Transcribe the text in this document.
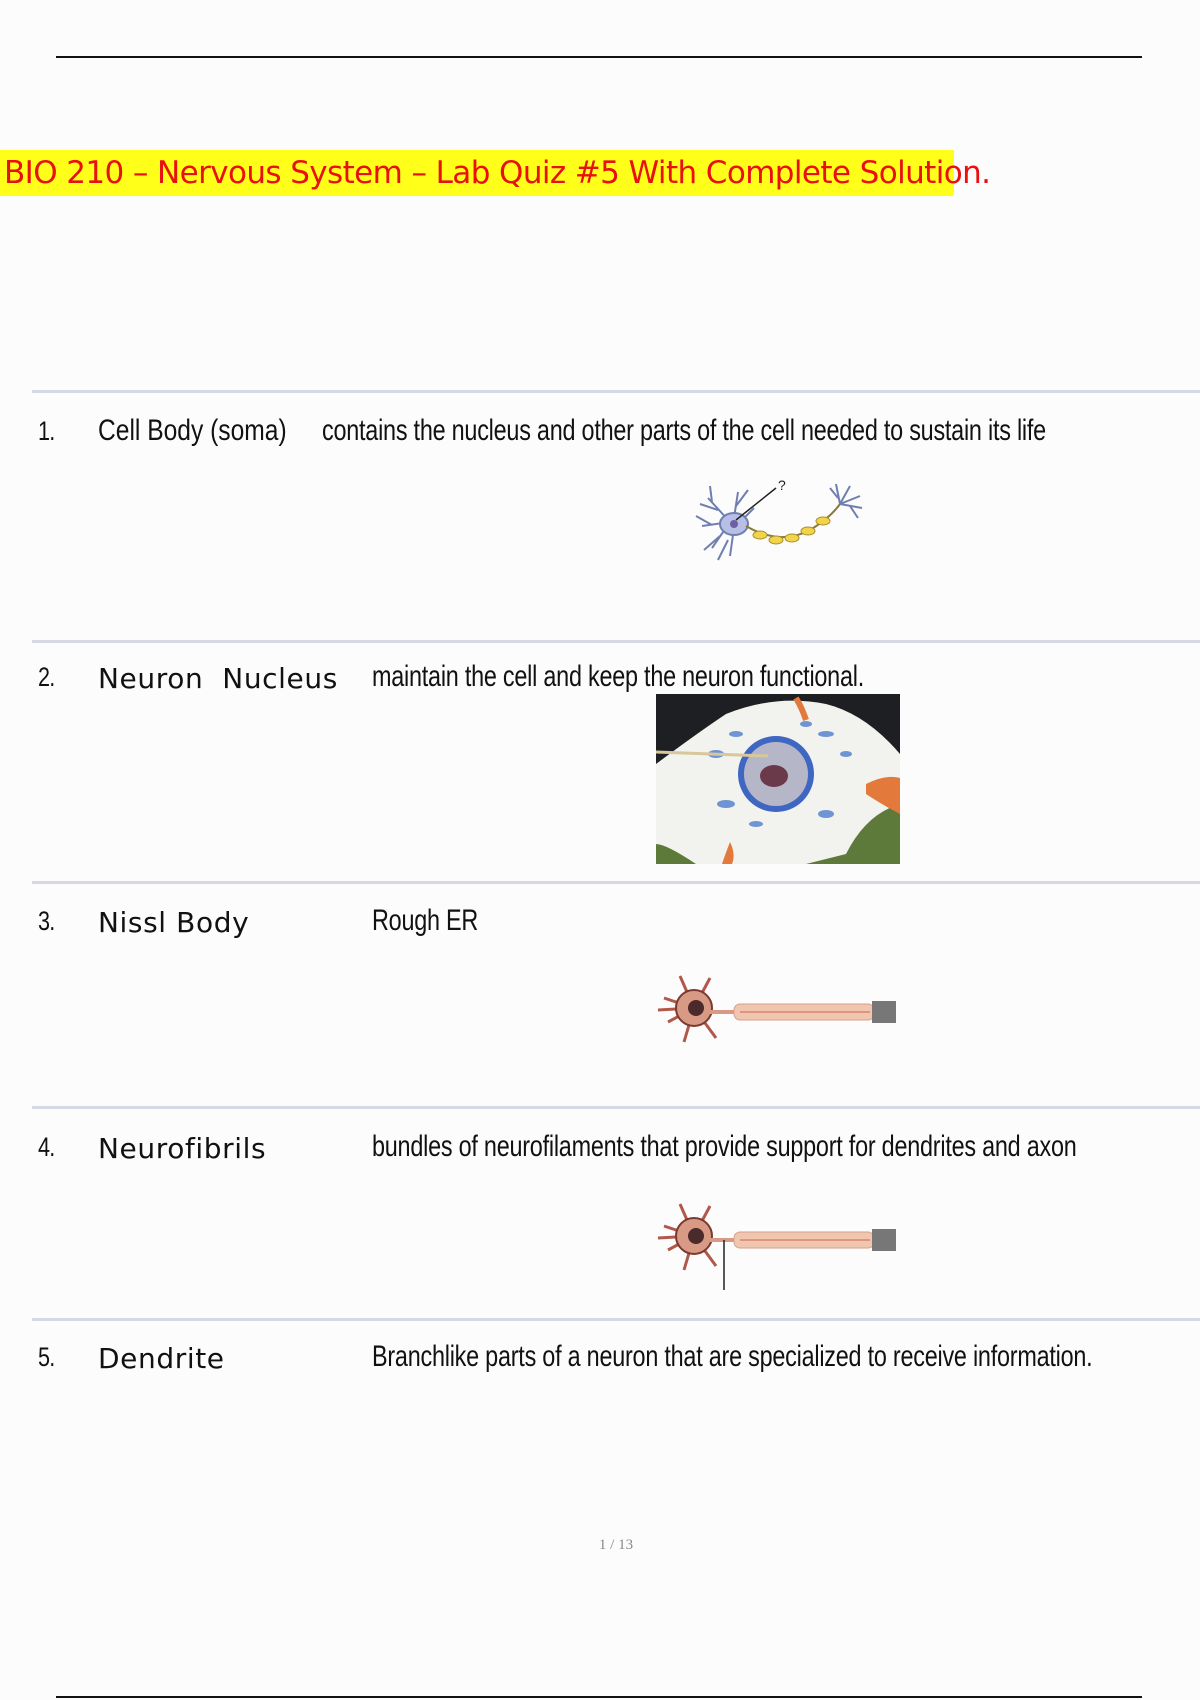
BIO 210 – Nervous System – Lab Quiz #5 With Complete Solution.
1. Cell Body (soma) contains the nucleus and other parts of the cell needed to sustain its life
?
2. Neuron  Nucleus maintain the cell and keep the neuron functional.
3. Nissl Body	Rough ER
4. Neurofibrils	bundles of neurofilaments that provide support for dendrites and axon
5. Dendrite	Branchlike parts of a neuron that are specialized to receive information.
1 / 13
